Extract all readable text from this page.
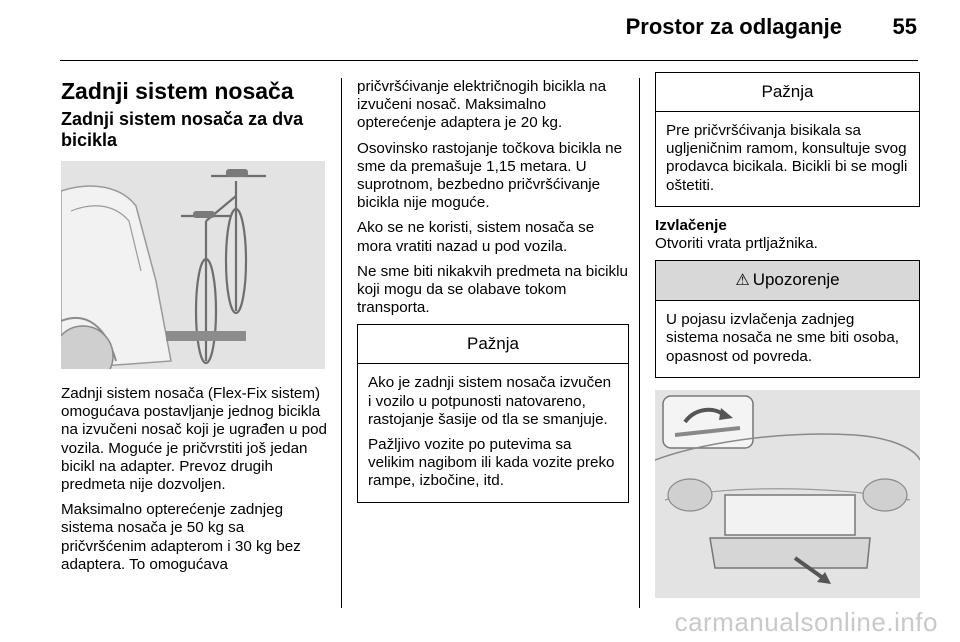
Prostor za odlaganje 55
Zadnji sistem nosača
Zadnji sistem nosača za dva bicikla

Zadnji sistem nosača (Flex-Fix sistem) omogućava postavljanje jednog bicikla na izvučeni nosač koji je ugrađen u pod vozila. Moguće je pričvrstiti još jedan bicikl na adapter. Prevoz drugih predmeta nije dozvoljen.

Maksimalno opterećenje zadnjeg sistema nosača je 50 kg sa pričvršćenim adapterom i 30 kg bez adaptera. To omogućava

pričvršćivanje električnogih bicikla na izvučeni nosač. Maksimalno opterećenje adaptera je 20 kg.

Osovinsko rastojanje točkova bicikla ne sme da premašuje 1,15 metara. U suprotnom, bezbedno pričvršćivanje bicikla nije moguće.

Ako se ne koristi, sistem nosača se mora vratiti nazad u pod vozila.

Ne sme biti nikakvih predmeta na biciklu koji mogu da se olabave tokom transporta.

Pažnja

Ako je zadnji sistem nosača izvučen i vozilo u potpunosti natovareno, rastojanje šasije od tla se smanjuje.

Pažljivo vozite po putevima sa velikim nagibom ili kada vozite preko rampe, izbočine, itd.

Pažnja

Pre pričvršćivanja bisikala sa ugljeničnim ramom, konsultuje svog prodavca bicikala. Bicikli bi se mogli oštetiti.

Izvlačenje

Otvoriti vrata prtljažnika.

⚠ Upozorenje

U pojasu izvlačenja zadnjeg sistema nosača ne sme biti osoba, opasnost od povreda.

carmanualsonline.info
